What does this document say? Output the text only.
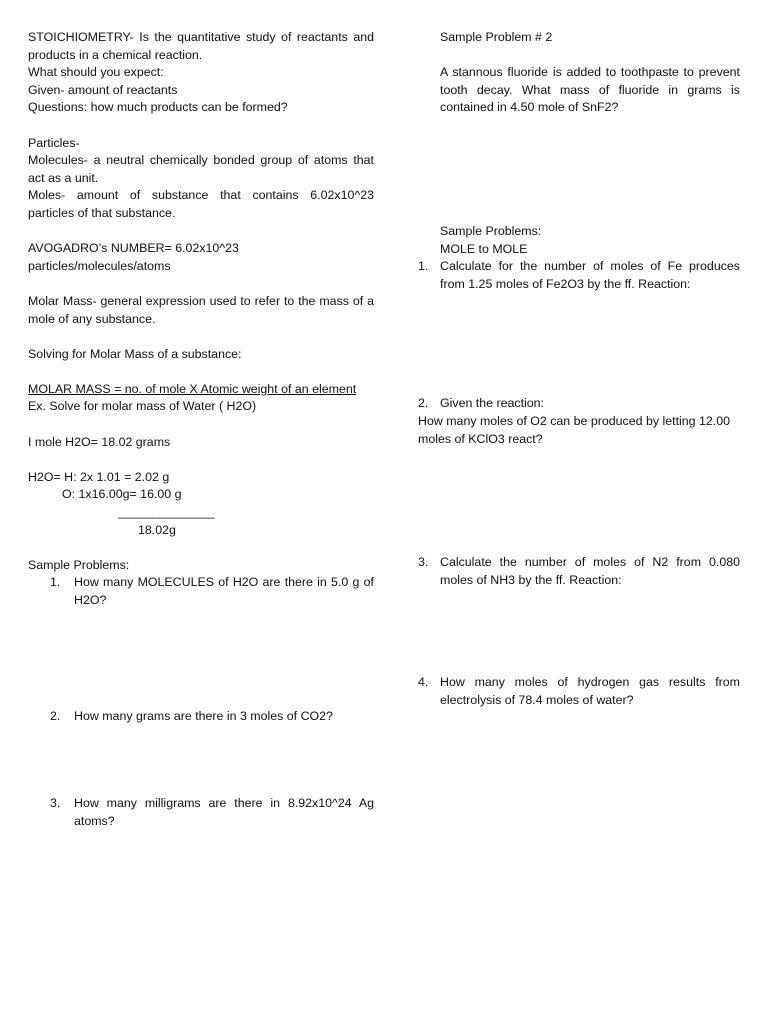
STOICHIOMETRY- Is the quantitative study of reactants and products in a chemical reaction.

What should you expect:

Given- amount of reactants

Questions: how much products can be formed?

Particles-

Molecules- a neutral chemically bonded group of atoms that act as a unit.

Moles- amount of substance that contains 6.02x10^23 particles of that substance.

AVOGADRO’s NUMBER= 6.02x10^23 particles/molecules/atoms

Molar Mass- general expression used to refer to the mass of a mole of any substance.

Solving for Molar Mass of a substance:

MOLAR MASS = no. of mole X Atomic weight of an element

Ex. Solve for molar mass of Water ( H2O)

I mole H2O= 18.02 grams

H2O= H: 2x 1.01 = 2.02 g

O: 1x16.00g= 16.00 g

______________

18.02g

Sample Problems:

1.	How many MOLECULES of H2O are there in 5.0 g of H2O?
2.	How many grams are there in 3 moles of CO2?
3.	How many milligrams are there in 8.92x10^24 Ag atoms?

Sample Problem # 2

A stannous fluoride is added to toothpaste to prevent tooth decay. What mass of fluoride in grams is contained in 4.50 mole of SnF2?

Sample Problems:

MOLE to MOLE

1. Calculate for the number of moles of Fe produces from 1.25 moles of Fe2O3 by the ff. Reaction:
2. Given the reaction:

How many moles of O2 can be produced by letting 12.00 moles of KClO3 react?

3. Calculate the number of moles of N2 from 0.080 moles of NH3 by the ff. Reaction:
4. How many moles of hydrogen gas results from electrolysis of 78.4 moles of water?
